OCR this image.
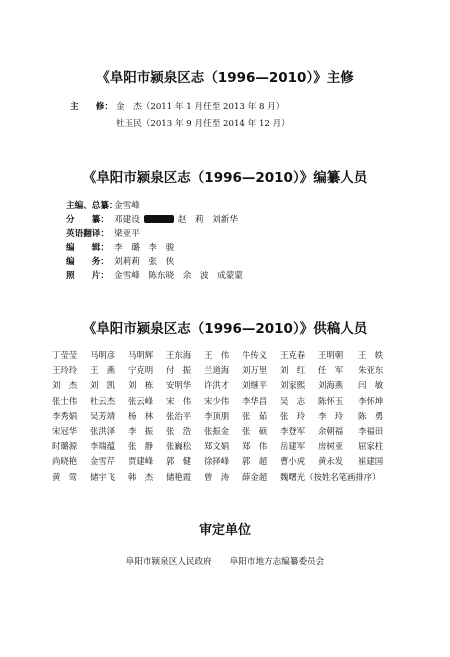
《阜阳市颍泉区志（1996—2010）》主修
主　　修： 金　杰（2011 年 1 月任至 2013 年 8 月）
杜玉民（2013 年 9 月任至 2014 年 12 月）
《阜阳市颍泉区志（1996—2010）》编纂人员
主编、总纂：金雪峰
分　　纂： 邓建设	赵　莉　刘新华
英语翻译： 梁亚平
编　　辑： 李　璐　李　骏
编　　务： 刘莉莉　张　侠
照　　片： 金雪峰　陈东晓　余　波　成蒙蒙
《阜阳市颍泉区志（1996—2010）》供稿人员
丁莹莹 马明彦 马明辉 王东海 王　伟 牛传义 王克春 王明朝 王　轶
王玲玲 王　燕 宁克明 付　振 兰道海 刘万里 刘　红 任　军 朱亚东
刘　杰 刘　凯 刘　栋 安明华 许洪才 刘继平 刘家熙 刘海燕 闫　敏
张士伟 杜云杰 张云峰 宋　伟 宋少伟 李华昌 吴　志 陈怀玉 李怀坤
李秀娟 吴芳靖 杨　林 张治平 李顶朋 张　茹 张　玲 李　玲 陈　勇
宋冠华 张洪泽 李　振 张　浩 张振金 张　硕 李登军 余朝福 李福田
时璐源 李瑞蕴 张　静 张巍松 郑文娟 郑　伟 岳建军 房树亚 屈家柱
尚晓艳 金雪芹 贾建峰 郭　健 徐择峰 郭　超 曹小虎 黄永发 崔建国
黄　莺 储宇飞 韩　杰 储艳霞 曾　涛 薛金超 魏曙光（按姓名笔画排序）
审定单位
阜阳市颍泉区人民政府 阜阳市地方志编纂委员会
